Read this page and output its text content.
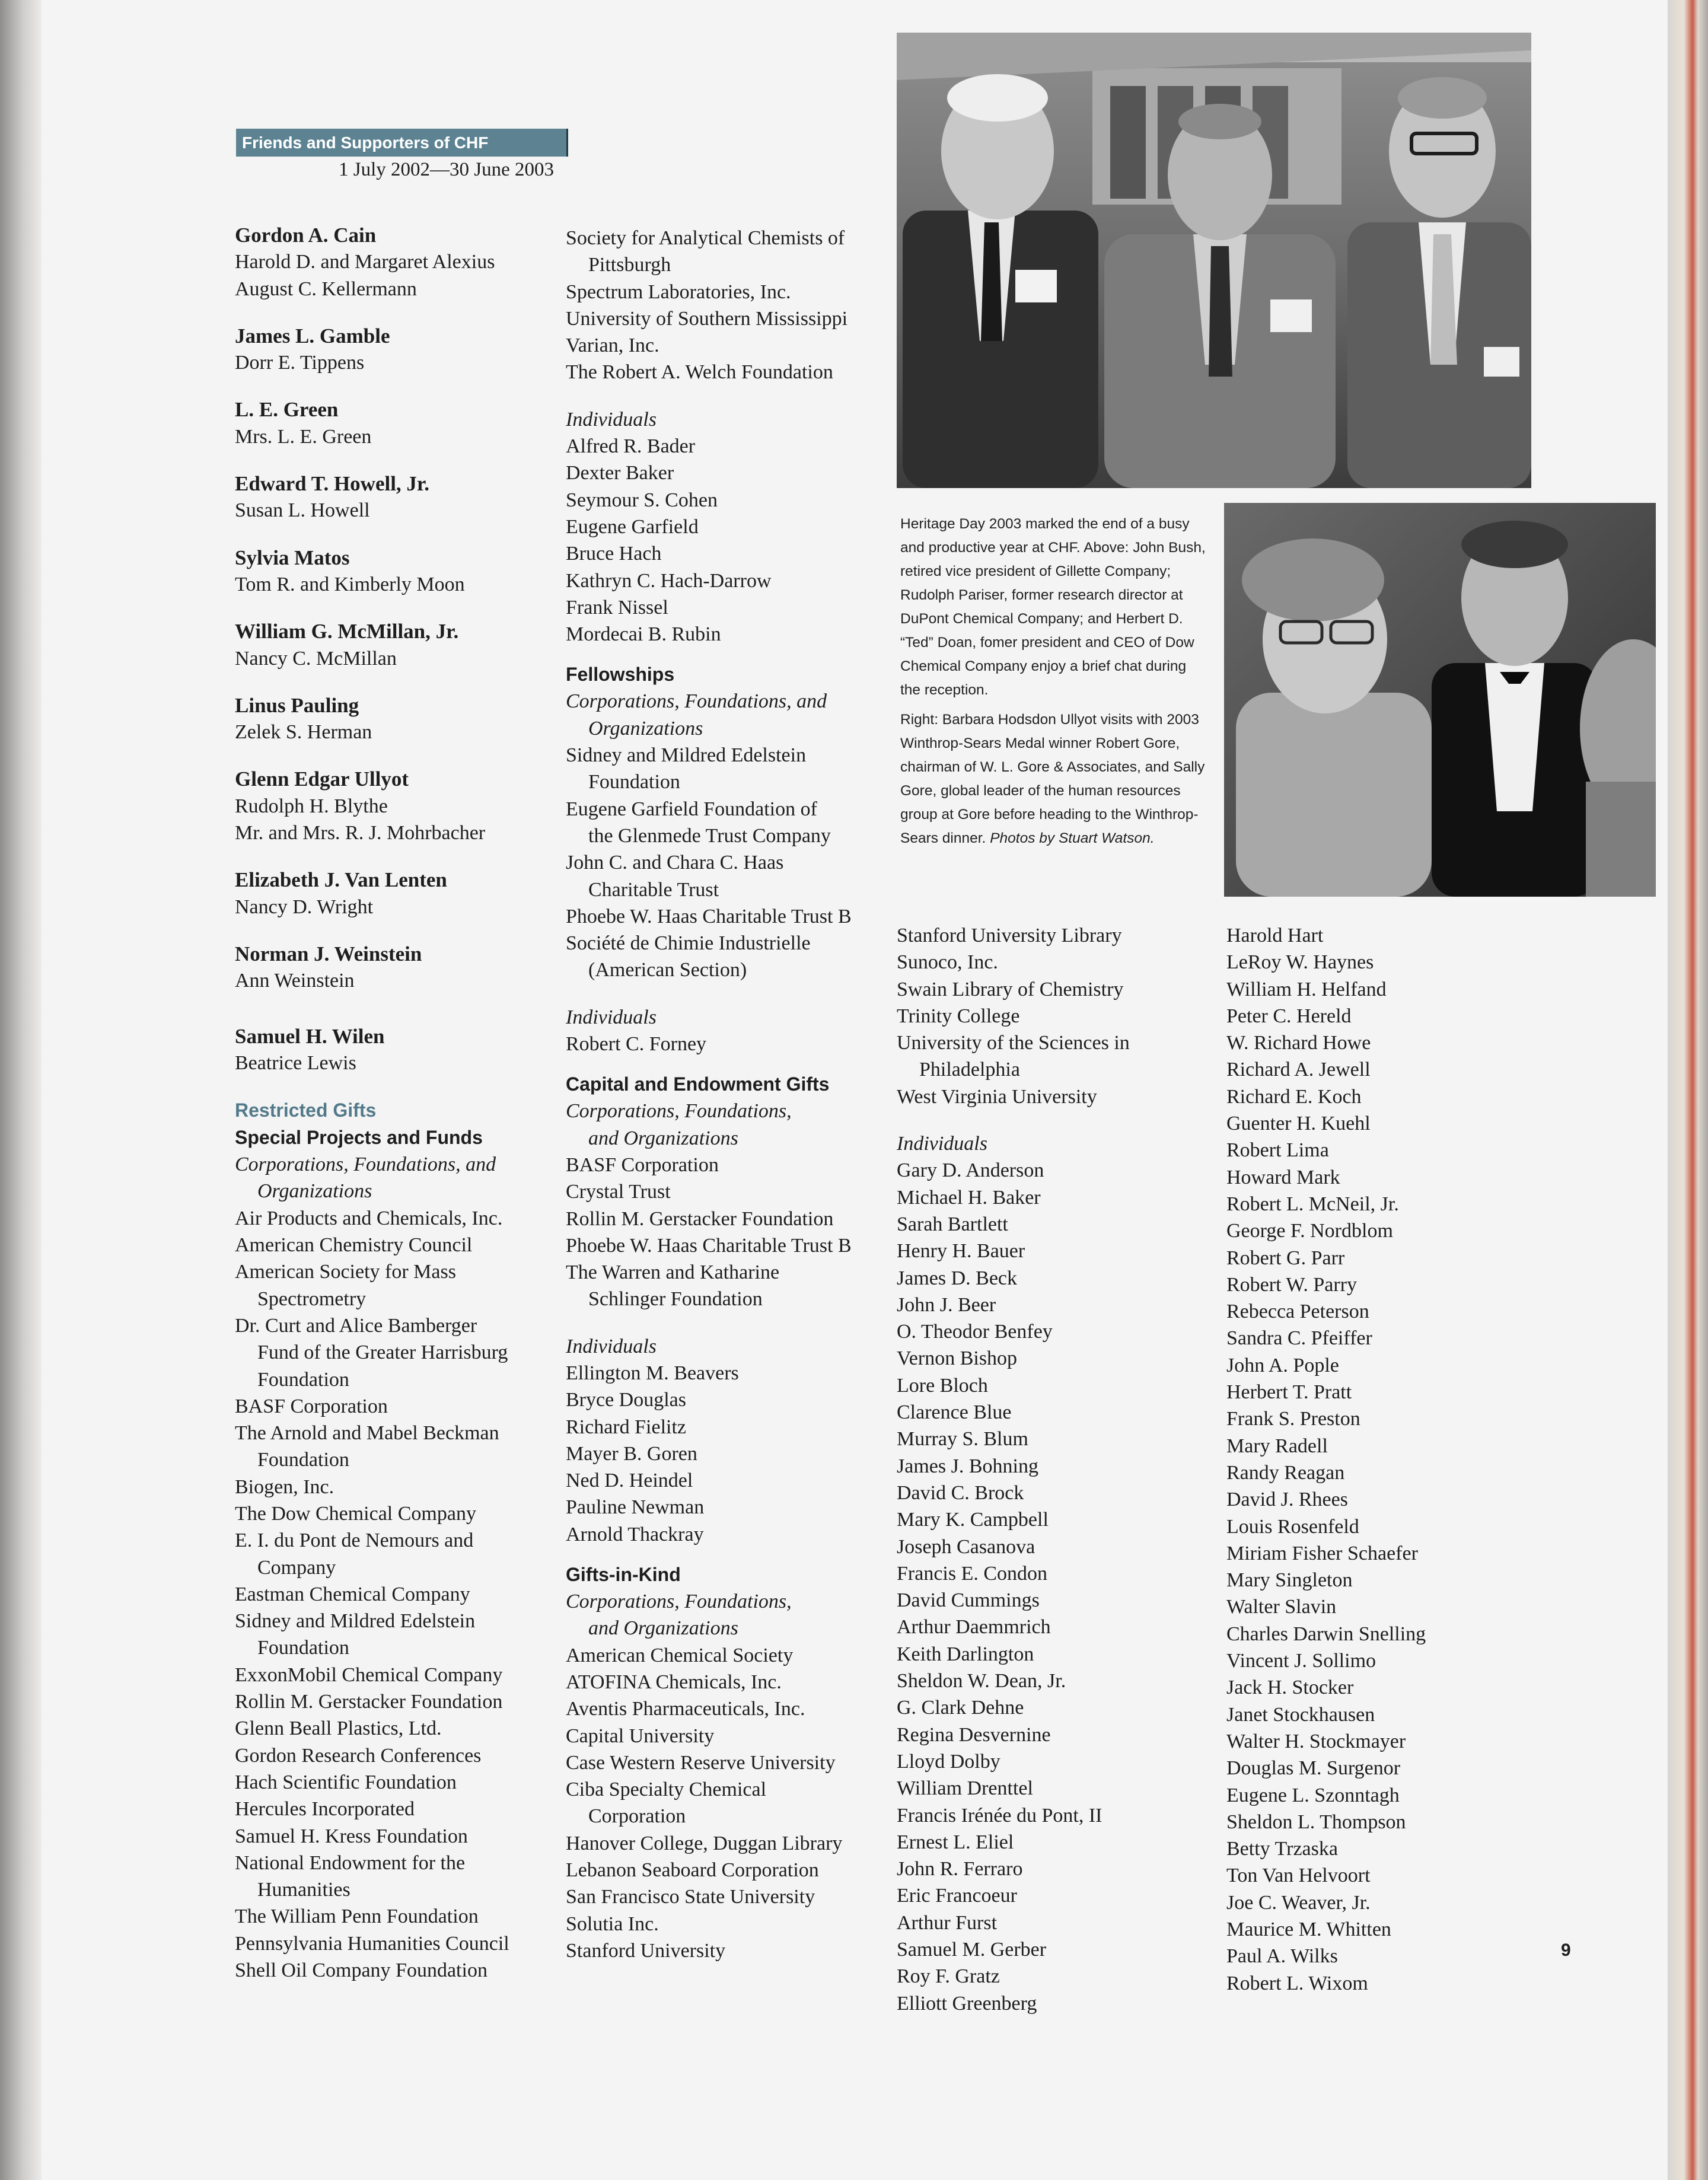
Friends and Supporters of CHF
1 July 2002—30 June 2003
Gordon A. Cain
Harold D. and Margaret Alexius
August C. Kellermann
James L. Gamble
Dorr E. Tippens
L. E. Green
Mrs. L. E. Green
Edward T. Howell, Jr.
Susan L. Howell
Sylvia Matos
Tom R. and Kimberly Moon
William G. McMillan, Jr.
Nancy C. McMillan
Linus Pauling
Zelek S. Herman
Glenn Edgar Ullyot
Rudolph H. Blythe
Mr. and Mrs. R. J. Mohrbacher
Elizabeth J. Van Lenten
Nancy D. Wright
Norman J. Weinstein
Ann Weinstein
Samuel H. Wilen
Beatrice Lewis
Restricted Gifts
Special Projects and Funds
Corporations, Foundations, and
Organizations
Air Products and Chemicals, Inc.
American Chemistry Council
American Society for Mass
Spectrometry
Dr. Curt and Alice Bamberger
Fund of the Greater Harrisburg
Foundation
BASF Corporation
The Arnold and Mabel Beckman
Foundation
Biogen, Inc.
The Dow Chemical Company
E. I. du Pont de Nemours and
Company
Eastman Chemical Company
Sidney and Mildred Edelstein
Foundation
ExxonMobil Chemical Company
Rollin M. Gerstacker Foundation
Glenn Beall Plastics, Ltd.
Gordon Research Conferences
Hach Scientific Foundation
Hercules Incorporated
Samuel H. Kress Foundation
National Endowment for the
Humanities
The William Penn Foundation
Pennsylvania Humanities Council
Shell Oil Company Foundation
Society for Analytical Chemists of
Pittsburgh
Spectrum Laboratories, Inc.
University of Southern Mississippi
Varian, Inc.
The Robert A. Welch Foundation
Individuals
Alfred R. Bader
Dexter Baker
Seymour S. Cohen
Eugene Garfield
Bruce Hach
Kathryn C. Hach-Darrow
Frank Nissel
Mordecai B. Rubin
Fellowships
Corporations, Foundations, and
Organizations
Sidney and Mildred Edelstein
Foundation
Eugene Garfield Foundation of
the Glenmede Trust Company
John C. and Chara C. Haas
Charitable Trust
Phoebe W. Haas Charitable Trust B
Société de Chimie Industrielle
(American Section)
Individuals
Robert C. Forney
Capital and Endowment Gifts
Corporations, Foundations,
and Organizations
BASF Corporation
Crystal Trust
Rollin M. Gerstacker Foundation
Phoebe W. Haas Charitable Trust B
The Warren and Katharine
Schlinger Foundation
Individuals
Ellington M. Beavers
Bryce Douglas
Richard Fielitz
Mayer B. Goren
Ned D. Heindel
Pauline Newman
Arnold Thackray
Gifts-in-Kind
Corporations, Foundations,
and Organizations
American Chemical Society
ATOFINA Chemicals, Inc.
Aventis Pharmaceuticals, Inc.
Capital University
Case Western Reserve University
Ciba Specialty Chemical
Corporation
Hanover College, Duggan Library
Lebanon Seaboard Corporation
San Francisco State University
Solutia Inc.
Stanford University
Stanford University Library
Sunoco, Inc.
Swain Library of Chemistry
Trinity College
University of the Sciences in
Philadelphia
West Virginia University
Individuals
Gary D. Anderson
Michael H. Baker
Sarah Bartlett
Henry H. Bauer
James D. Beck
John J. Beer
O. Theodor Benfey
Vernon Bishop
Lore Bloch
Clarence Blue
Murray S. Blum
James J. Bohning
David C. Brock
Mary K. Campbell
Joseph Casanova
Francis E. Condon
David Cummings
Arthur Daemmrich
Keith Darlington
Sheldon W. Dean, Jr.
G. Clark Dehne
Regina Desvernine
Lloyd Dolby
William Drenttel
Francis Irénée du Pont, II
Ernest L. Eliel
John R. Ferraro
Eric Francoeur
Arthur Furst
Samuel M. Gerber
Roy F. Gratz
Elliott Greenberg
Harold Hart
LeRoy W. Haynes
William H. Helfand
Peter C. Hereld
W. Richard Howe
Richard A. Jewell
Richard E. Koch
Guenter H. Kuehl
Robert Lima
Howard Mark
Robert L. McNeil, Jr.
George F. Nordblom
Robert G. Parr
Robert W. Parry
Rebecca Peterson
Sandra C. Pfeiffer
John A. Pople
Herbert T. Pratt
Frank S. Preston
Mary Radell
Randy Reagan
David J. Rhees
Louis Rosenfeld
Miriam Fisher Schaefer
Mary Singleton
Walter Slavin
Charles Darwin Snelling
Vincent J. Sollimo
Jack H. Stocker
Janet Stockhausen
Walter H. Stockmayer
Douglas M. Surgenor
Eugene L. Szonntagh
Sheldon L. Thompson
Betty Trzaska
Ton Van Helvoort
Joe C. Weaver, Jr.
Maurice M. Whitten
Paul A. Wilks
Robert L. Wixom

Heritage Day 2003 marked the end of a busy and productive year at CHF. Above: John Bush, retired vice president of Gillette Company; Rudolph Pariser, former research director at DuPont Chemical Company; and Herbert D. “Ted” Doan, fomer president and CEO of Dow Chemical Company enjoy a brief chat during the reception.

Right: Barbara Hodsdon Ullyot visits with 2003 Winthrop-Sears Medal winner Robert Gore, chairman of W. L. Gore & Associates, and Sally Gore, global leader of the human resources group at Gore before heading to the Winthrop-Sears dinner. Photos by Stuart Watson.

9
